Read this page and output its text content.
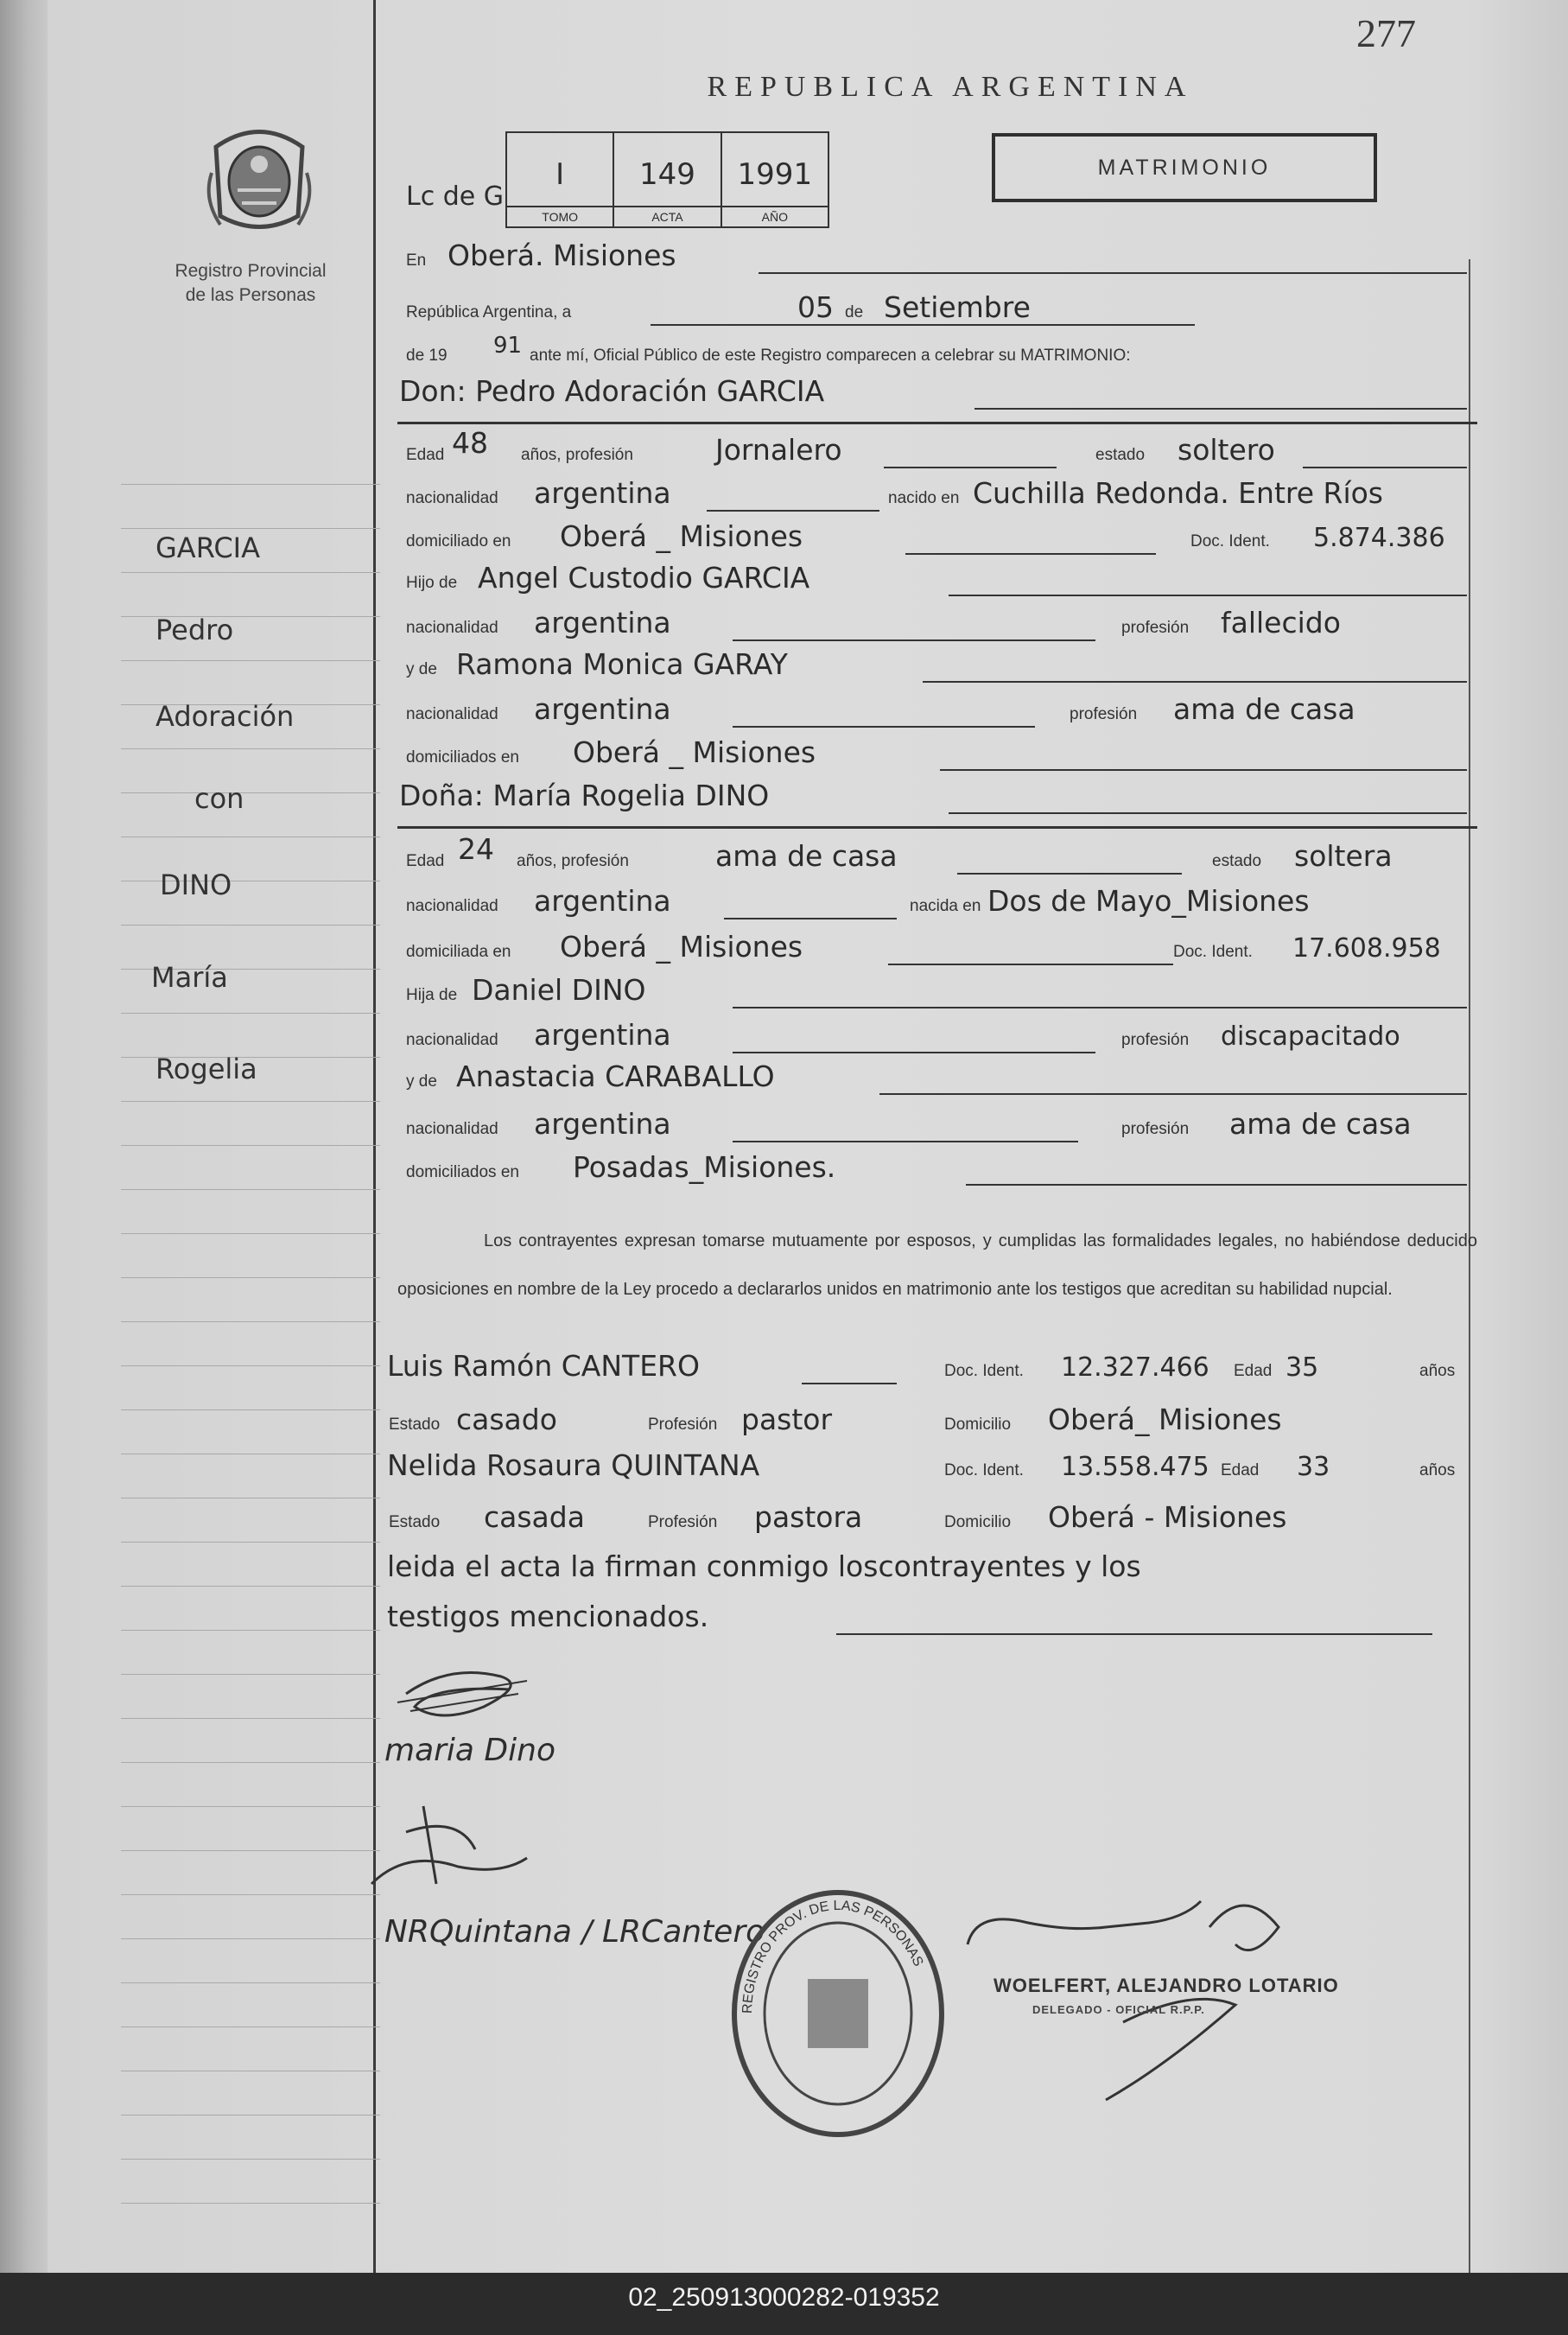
277
REPUBLICA ARGENTINA
MATRIMONIO
Registro Provincial
de las Personas
Lc de G
I
TOMO
149
ACTA
1991
AÑO
En Oberá. Misiones
República Argentina, a	05 de Setiembre
de 19 91 ante mí, Oficial Público de este Registro comparecen a celebrar su MATRIMONIO:
Don: Pedro Adoración GARCIA
Edad 48 años, profesión	Jornalero	estado soltero
nacionalidad argentina	nacido en Cuchilla Redonda. Entre Ríos
domiciliado en Oberá _ Misiones	Doc. Ident. 5.874.386
Hijo de Angel Custodio GARCIA
nacionalidad argentina	profesión fallecido
y de Ramona Monica GARAY
nacionalidad argentina	profesión ama de casa
domiciliados en Oberá _ Misiones
Doña: María Rogelia DINO
Edad 24 años, profesión	ama de casa	estado soltera
nacionalidad argentina	nacida en Dos de Mayo_Misiones
domiciliada en Oberá _ Misiones	Doc. Ident. 17.608.958
Hija de Daniel DINO
nacionalidad argentina	profesión discapacitado
y de Anastacia CARABALLO
nacionalidad argentina	profesión ama de casa
domiciliados en Posadas_Misiones.
GARCIA
Pedro
Adoración
con
DINO
María
Rogelia
Los contrayentes expresan tomarse mutuamente por esposos, y cumplidas las formalidades legales, no habiéndose deducido oposiciones en nombre de la Ley procedo a declararlos unidos en matrimonio ante los testigos que acreditan su habilidad nupcial.
Luis Ramón CANTERO	Doc. Ident. 12.327.466 Edad 35	años
Estado casado	Profesión pastor	Domicilio Oberá_ Misiones
Nelida Rosaura QUINTANA	Doc. Ident. 13.558.475 Edad 33	años
Estado casada	Profesión pastora	Domicilio Oberá - Misiones
leida el acta la firman conmigo loscontrayentes y los
testigos mencionados.
maria Dino
NRQuintana / LRCantero
REGISTRO PROV. DE LAS PERSONAS
WOELFERT, ALEJANDRO LOTARIO
DELEGADO - OFICIAL R.P.P.
02_250913000282-019352
